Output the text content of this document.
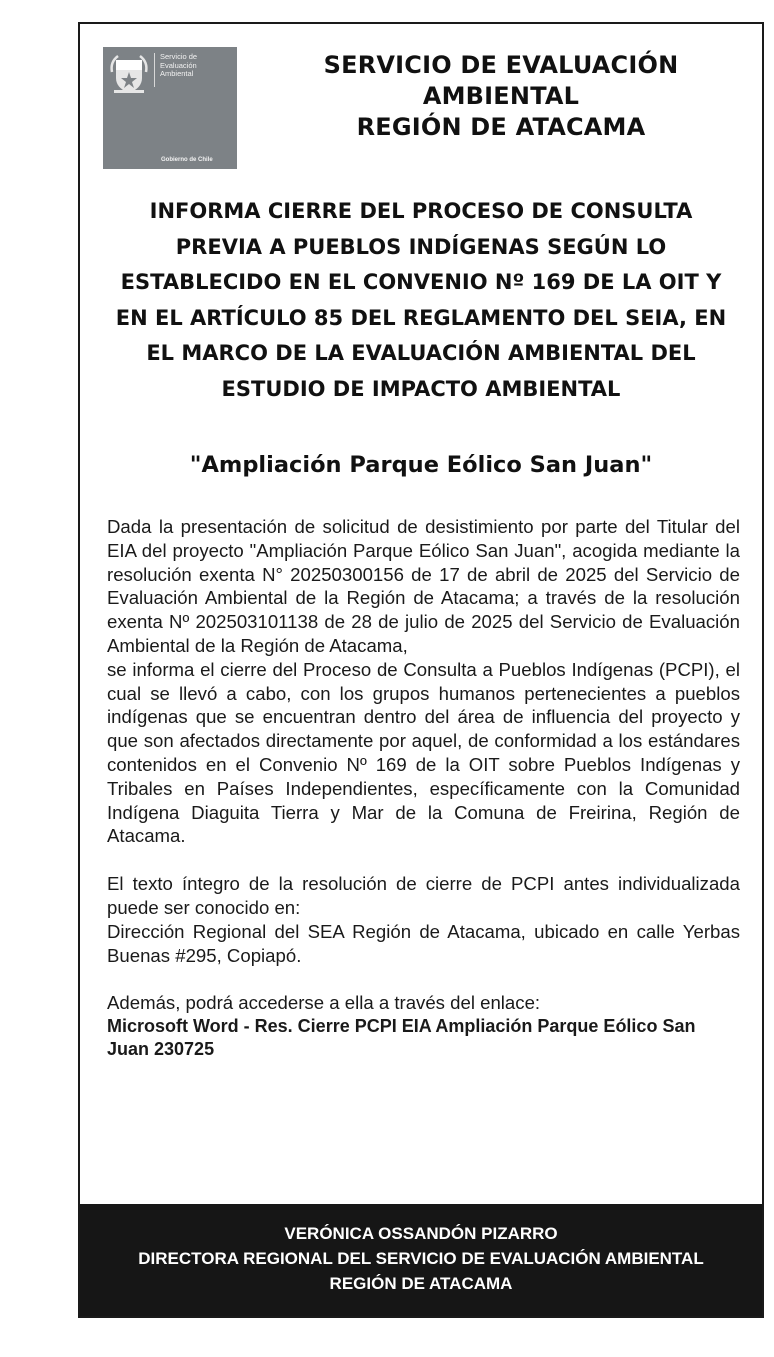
Servicio de
Evaluación
Ambiental
Gobierno de Chile
SERVICIO DE EVALUACIÓN
AMBIENTAL
REGIÓN DE ATACAMA
INFORMA CIERRE DEL PROCESO DE CONSULTA
PREVIA A PUEBLOS INDÍGENAS SEGÚN LO
ESTABLECIDO EN EL CONVENIO Nº 169 DE LA OIT Y
EN EL ARTÍCULO 85 DEL REGLAMENTO DEL SEIA, EN
EL MARCO DE LA EVALUACIÓN AMBIENTAL DEL
ESTUDIO DE IMPACTO AMBIENTAL
"Ampliación Parque Eólico San Juan"

Dada la presentación de solicitud de desistimiento por parte del Titular del EIA del proyecto "Ampliación Parque Eólico San Juan", acogida mediante la resolución exenta N° 20250300156 de 17 de abril de 2025 del Servicio de Evaluación Ambiental de la Región de Atacama; a través de la resolución exenta Nº 202503101138 de 28 de julio de 2025 del Servicio de Evaluación Ambiental de la Región de Atacama,

se informa el cierre del Proceso de Consulta a Pueblos Indígenas (PCPI), el cual se llevó a cabo, con los grupos humanos pertenecientes a pueblos indígenas que se encuentran dentro del área de influencia del proyecto y que son afectados directamente por aquel, de conformidad a los estándares contenidos en el Convenio Nº 169 de la OIT sobre Pueblos Indígenas y Tribales en Países Independientes, específicamente con la Comunidad Indígena Diaguita Tierra y Mar de la Comuna de Freirina, Región de Atacama.

El texto íntegro de la resolución de cierre de PCPI antes individualizada puede ser conocido en:

Dirección Regional del SEA Región de Atacama, ubicado en calle Yerbas Buenas #295, Copiapó.

Además, podrá accederse a ella a través del enlace:

Microsoft Word - Res. Cierre PCPI EIA Ampliación Parque Eólico San Juan 230725

VERÓNICA OSSANDÓN PIZARRO
DIRECTORA REGIONAL DEL SERVICIO DE EVALUACIÓN AMBIENTAL
REGIÓN DE ATACAMA
